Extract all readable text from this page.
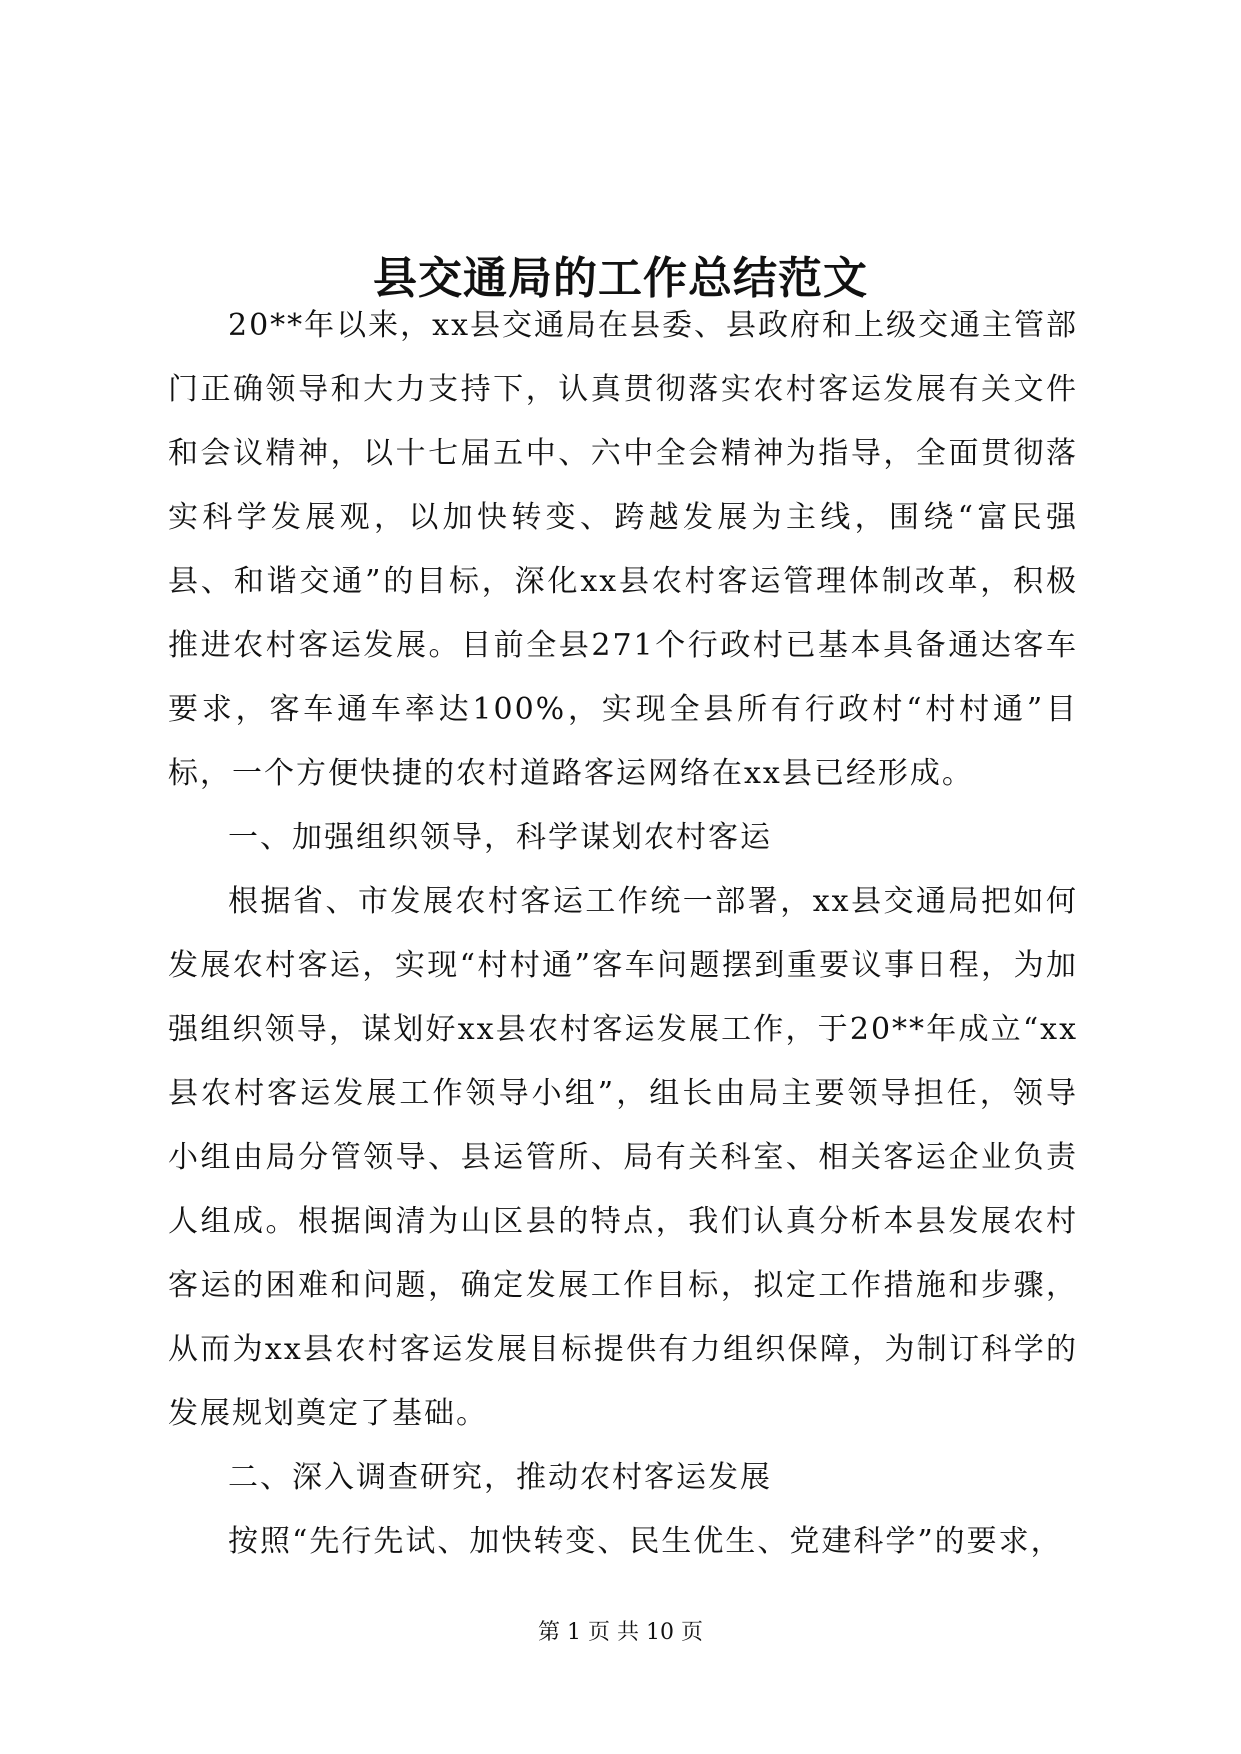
县交通局的工作总结范文

20**年以来，xx县交通局在县委、县政府和上级交通主管部门正确领导和大力支持下，认真贯彻落实农村客运发展有关文件和会议精神，以十七届五中、六中全会精神为指导，全面贯彻落实科学发展观，以加快转变、跨越发展为主线，围绕“富民强县、和谐交通”的目标，深化xx县农村客运管理体制改革，积极推进农村客运发展。目前全县271个行政村已基本具备通达客车要求，客车通车率达100%，实现全县所有行政村“村村通”目标，一个方便快捷的农村道路客运网络在xx县已经形成。

一、加强组织领导，科学谋划农村客运

根据省、市发展农村客运工作统一部署，xx县交通局把如何发展农村客运，实现“村村通”客车问题摆到重要议事日程，为加强组织领导，谋划好xx县农村客运发展工作，于20**年成立“xx县农村客运发展工作领导小组”，组长由局主要领导担任，领导小组由局分管领导、县运管所、局有关科室、相关客运企业负责人组成。根据闽清为山区县的特点，我们认真分析本县发展农村客运的困难和问题，确定发展工作目标，拟定工作措施和步骤，从而为xx县农村客运发展目标提供有力组织保障，为制订科学的发展规划奠定了基础。

二、深入调查研究，推动农村客运发展

按照“先行先试、加快转变、民生优生、党建科学”的要求，

第 1 页 共 10 页
